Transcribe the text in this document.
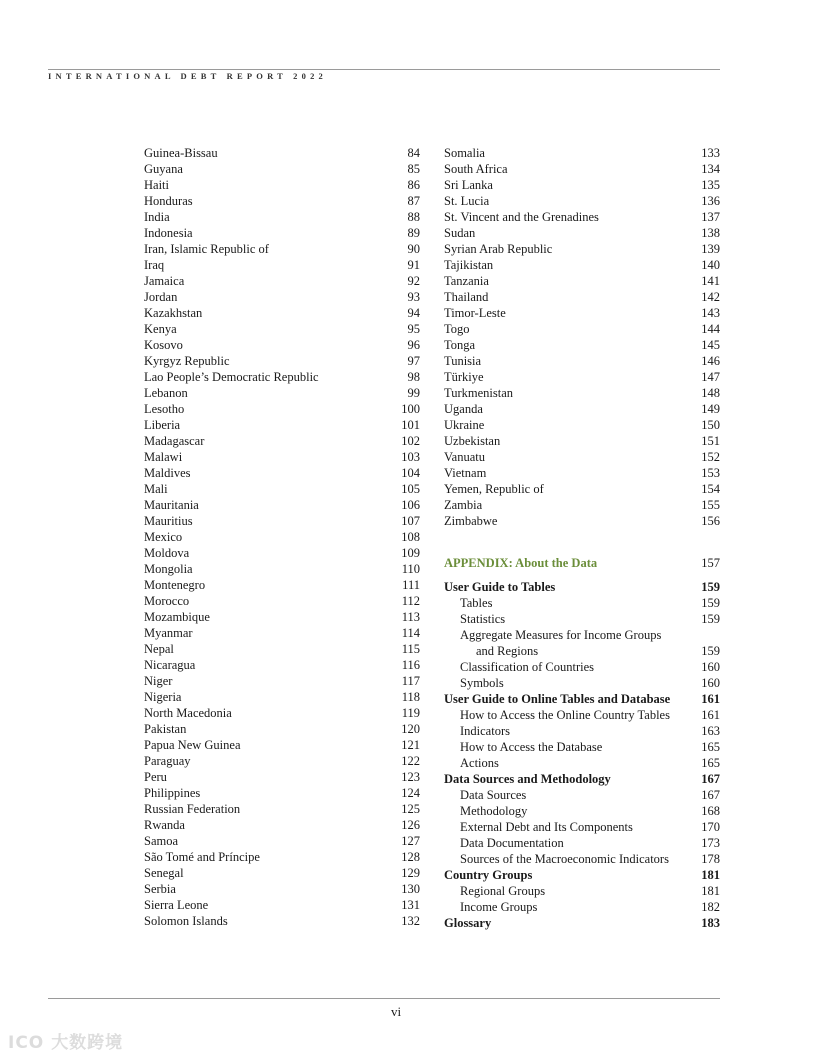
INTERNATIONAL DEBT REPORT 2022
Guinea-Bissau	84
Guyana	85
Haiti	86
Honduras	87
India	88
Indonesia	89
Iran, Islamic Republic of	90
Iraq	91
Jamaica	92
Jordan	93
Kazakhstan	94
Kenya	95
Kosovo	96
Kyrgyz Republic	97
Lao People’s Democratic Republic	98
Lebanon	99
Lesotho	100
Liberia	101
Madagascar	102
Malawi	103
Maldives	104
Mali	105
Mauritania	106
Mauritius	107
Mexico	108
Moldova	109
Mongolia	110
Montenegro	111
Morocco	112
Mozambique	113
Myanmar	114
Nepal	115
Nicaragua	116
Niger	117
Nigeria	118
North Macedonia	119
Pakistan	120
Papua New Guinea	121
Paraguay	122
Peru	123
Philippines	124
Russian Federation	125
Rwanda	126
Samoa	127
São Tomé and Príncipe	128
Senegal	129
Serbia	130
Sierra Leone	131
Solomon Islands	132
Somalia	133
South Africa	134
Sri Lanka	135
St. Lucia	136
St. Vincent and the Grenadines	137
Sudan	138
Syrian Arab Republic	139
Tajikistan	140
Tanzania	141
Thailand	142
Timor-Leste	143
Togo	144
Tonga	145
Tunisia	146
Türkiye	147
Turkmenistan	148
Uganda	149
Ukraine	150
Uzbekistan	151
Vanuatu	152
Vietnam	153
Yemen, Republic of	154
Zambia	155
Zimbabwe	156
APPENDIX: About the Data	157
User Guide to Tables	159
Tables	159
Statistics	159
Aggregate Measures for Income Groups
and Regions	159
Classification of Countries	160
Symbols	160
User Guide to Online Tables and Database	161
How to Access the Online Country Tables	161
Indicators	163
How to Access the Database	165
Actions	165
Data Sources and Methodology	167
Data Sources	167
Methodology	168
External Debt and Its Components	170
Data Documentation	173
Sources of the Macroeconomic Indicators	178
Country Groups	181
Regional Groups	181
Income Groups	182
Glossary	183
vi
ICO 大数跨境
